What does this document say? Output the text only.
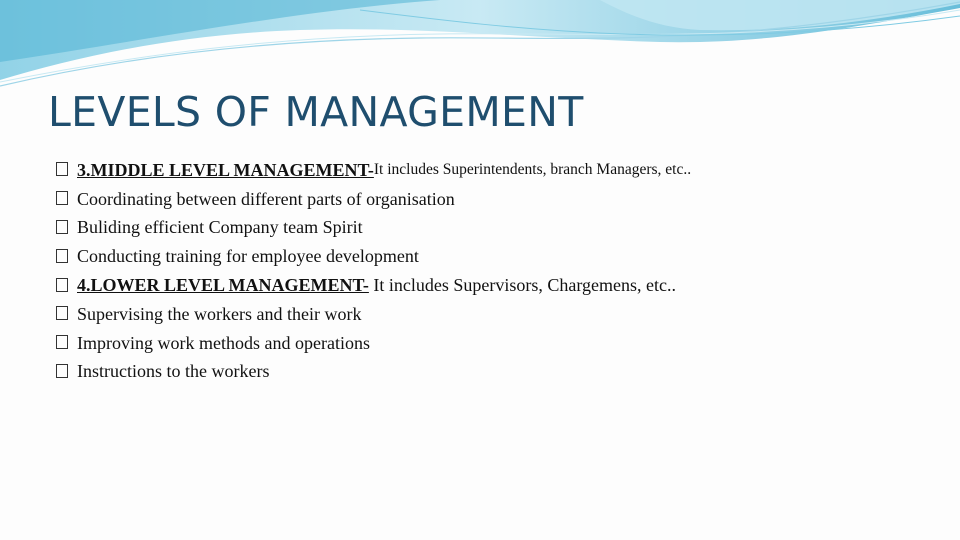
LEVELS OF MANAGEMENT
3.MIDDLE LEVEL MANAGEMENT- It includes Superintendents, branch Managers, etc..
Coordinating between different parts of organisation
Buliding efficient Company team Spirit
Conducting training for employee development
4.LOWER LEVEL MANAGEMENT- It includes Supervisors, Chargemens, etc..
Supervising the workers and their work
Improving work methods and operations
Instructions to the workers
